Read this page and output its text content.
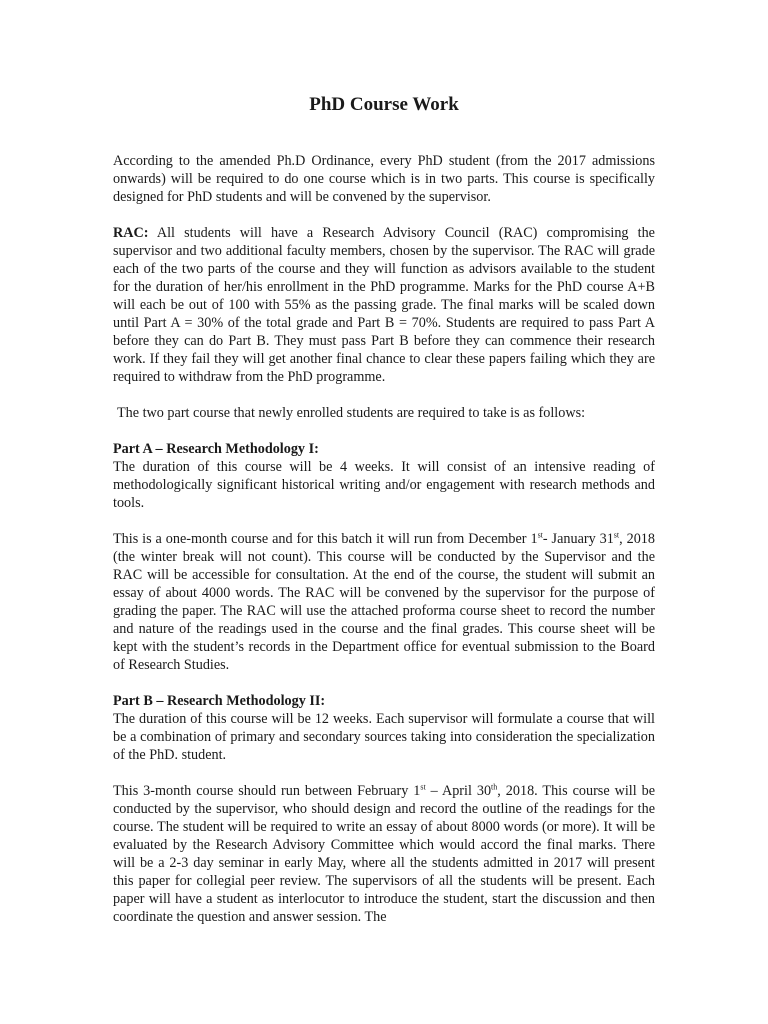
PhD Course Work

According to the amended Ph.D Ordinance, every PhD student (from the 2017 admissions onwards) will be required to do one course which is in two parts. This course is specifically designed for PhD students and will be convened by the supervisor.

RAC: All students will have a Research Advisory Council (RAC) compromising the supervisor and two additional faculty members, chosen by the supervisor. The RAC will grade each of the two parts of the course and they will function as advisors available to the student for the duration of her/his enrollment in the PhD programme. Marks for the PhD course A+B will each be out of 100 with 55% as the passing grade. The final marks will be scaled down until Part A = 30% of the total grade and Part B = 70%. Students are required to pass Part A before they can do Part B. They must pass Part B before they can commence their research work. If they fail they will get another final chance to clear these papers failing which they are required to withdraw from the PhD programme.

The two part course that newly enrolled students are required to take is as follows:

Part A – Research Methodology I:
The duration of this course will be 4 weeks. It will consist of an intensive reading of methodologically significant historical writing and/or engagement with research methods and tools.

This is a one-month course and for this batch it will run from December 1st- January 31st, 2018 (the winter break will not count). This course will be conducted by the Supervisor and the RAC will be accessible for consultation. At the end of the course, the student will submit an essay of about 4000 words. The RAC will be convened by the supervisor for the purpose of grading the paper. The RAC will use the attached proforma course sheet to record the number and nature of the readings used in the course and the final grades. This course sheet will be kept with the student’s records in the Department office for eventual submission to the Board of Research Studies.

Part B – Research Methodology II:
The duration of this course will be 12 weeks. Each supervisor will formulate a course that will be a combination of primary and secondary sources taking into consideration the specialization of the PhD. student.

This 3-month course should run between February 1st – April 30th, 2018. This course will be conducted by the supervisor, who should design and record the outline of the readings for the course. The student will be required to write an essay of about 8000 words (or more). It will be evaluated by the Research Advisory Committee which would accord the final marks. There will be a 2-3 day seminar in early May, where all the students admitted in 2017 will present this paper for collegial peer review. The supervisors of all the students will be present. Each paper will have a student as interlocutor to introduce the student, start the discussion and then coordinate the question and answer session. The
